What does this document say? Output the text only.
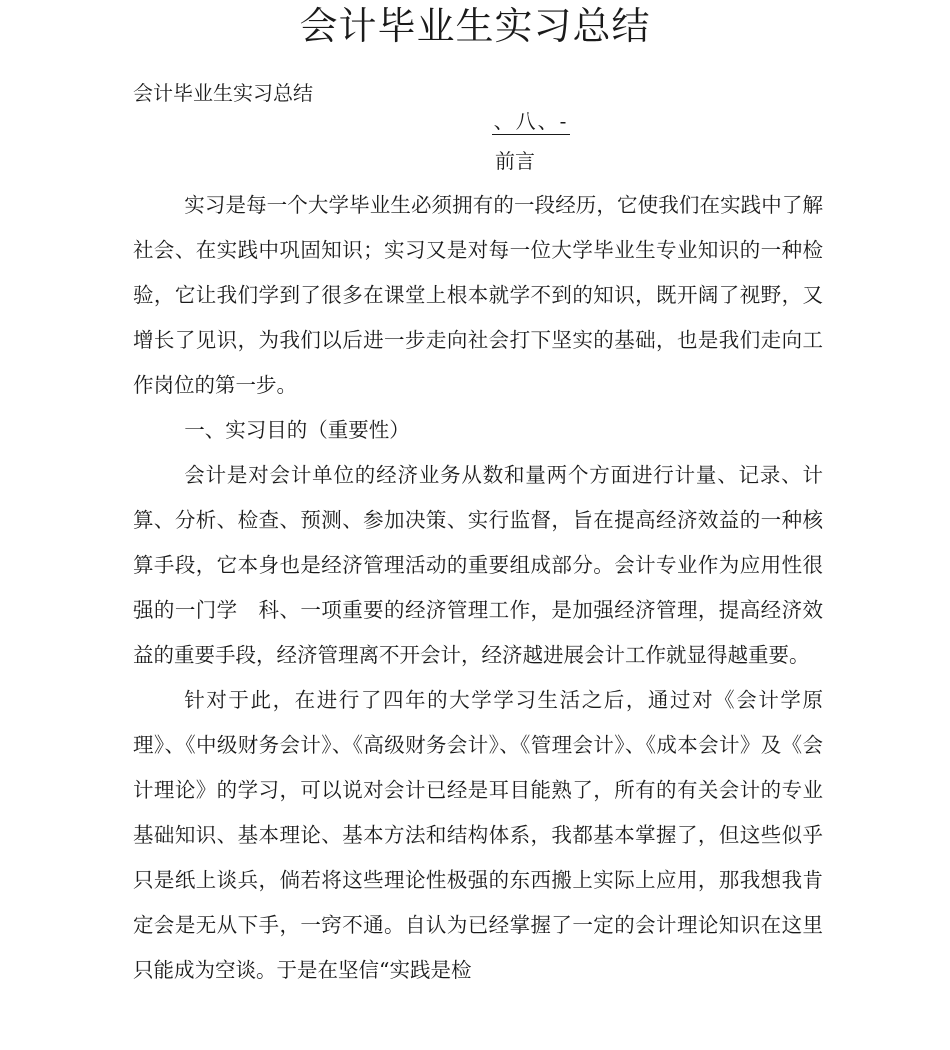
会计毕业生实习总结

会计毕业生实习总结

、八、-

前言

实习是每一个大学毕业生必须拥有的一段经历，它使我们在实践中了解社会、在实践中巩固知识；实习又是对每一位大学毕业生专业知识的一种检验，它让我们学到了很多在课堂上根本就学不到的知识，既开阔了视野，又增长了见识，为我们以后进一步走向社会打下坚实的基础，也是我们走向工作岗位的第一步。

一、实习目的（重要性）

会计是对会计单位的经济业务从数和量两个方面进行计量、记录、计算、分析、检查、预测、参加决策、实行监督，旨在提高经济效益的一种核算手段，它本身也是经济管理活动的重要组成部分。会计专业作为应用性很强的一门学　科、一项重要的经济管理工作，是加强经济管理，提高经济效益的重要手段，经济管理离不开会计，经济越进展会计工作就显得越重要。

针对于此，在进行了四年的大学学习生活之后，通过对《会计学原理》、《中级财务会计》、《高级财务会计》、《管理会计》、《成本会计》及《会计理论》的学习，可以说对会计已经是耳目能熟了，所有的有关会计的专业基础知识、基本理论、基本方法和结构体系，我都基本掌握了，但这些似乎只是纸上谈兵，倘若将这些理论性极强的东西搬上实际上应用，那我想我肯定会是无从下手，一窍不通。自认为已经掌握了一定的会计理论知识在这里只能成为空谈。于是在坚信“实践是检
